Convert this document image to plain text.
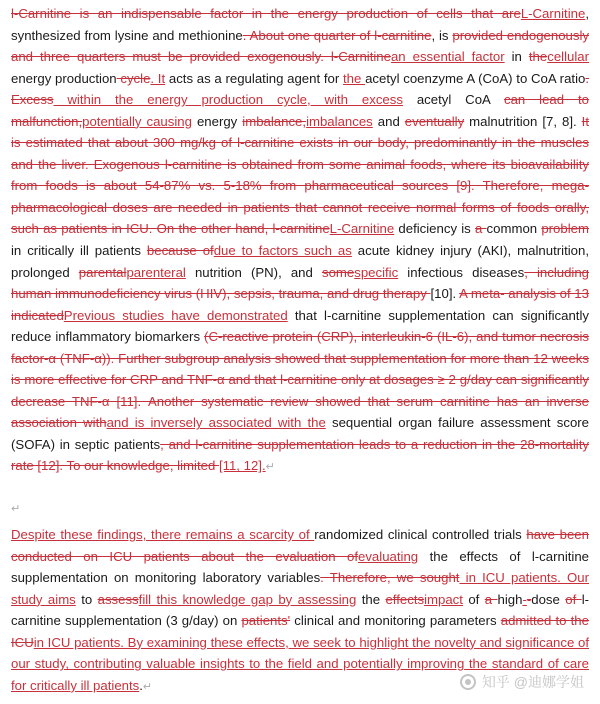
l-Carnitine is an indispensable factor in the energy production of cells that areL-Carnitine, synthesized from lysine and methionine. About one quarter of l-carnitine, is provided endogenously and three quarters must be provided exogenously. l-Carnitinean essential factor in thecellular energy production cycle. It acts as a regulating agent for the acetyl coenzyme A (CoA) to CoA ratio. Excess within the energy production cycle, with excess acetyl CoA can lead to malfunction,potentially causing energy imbalance,imbalances and eventually malnutrition [7, 8]. It is estimated that about 300 mg/kg of l-carnitine exists in our body, predominantly in the muscles and the liver. Exogenous l-carnitine is obtained from some animal foods, where its bioavailability from foods is about 54-87% vs. 5-18% from pharmaceutical sources [9]. Therefore, mega-pharmacological doses are needed in patients that cannot receive normal forms of foods orally, such as patients in ICU. On the other hand, l-carnitineL-Carnitine deficiency is a common problem in critically ill patients because ofdue to factors such as acute kidney injury (AKI), malnutrition, prolonged parentalparenteral nutrition (PN), and somespecific infectious diseases, including human immunodeficiency virus (HIV), sepsis, trauma, and drug therapy [10]. A meta- analysis of 13 indicatedPrevious studies have demonstrated that l-carnitine supplementation can significantly reduce inflammatory biomarkers (C-reactive protein (CRP), interleukin-6 (IL-6), and tumor necrosis factor-α (TNF-α)). Further subgroup analysis showed that supplementation for more than 12 weeks is more effective for CRP and TNF-α and that l-carnitine only at dosages ≥ 2 g/day can significantly decrease TNF-α [11]. Another systematic review showed that serum carnitine has an inverse association withand is inversely associated with the sequential organ failure assessment score (SOFA) in septic patients, and l-carnitine supplementation leads to a reduction in the 28-mortality rate [12]. To our knowledge, limited [11, 12].↵

↵

Despite these findings, there remains a scarcity of randomized clinical controlled trials have been conducted on ICU patients about the evaluation ofevaluating the effects of l-carnitine supplementation on monitoring laboratory variables. Therefore, we sought in ICU patients. Our study aims to assessfill this knowledge gap by assessing the effectsimpact of a high--dose of l-carnitine supplementation (3 g/day) on patients' clinical and monitoring parameters admitted to the ICUin ICU patients. By examining these effects, we seek to highlight the novelty and significance of our study, contributing valuable insights to the field and potentially improving the standard of care for critically ill patients.↵	知乎 @迪娜学姐
